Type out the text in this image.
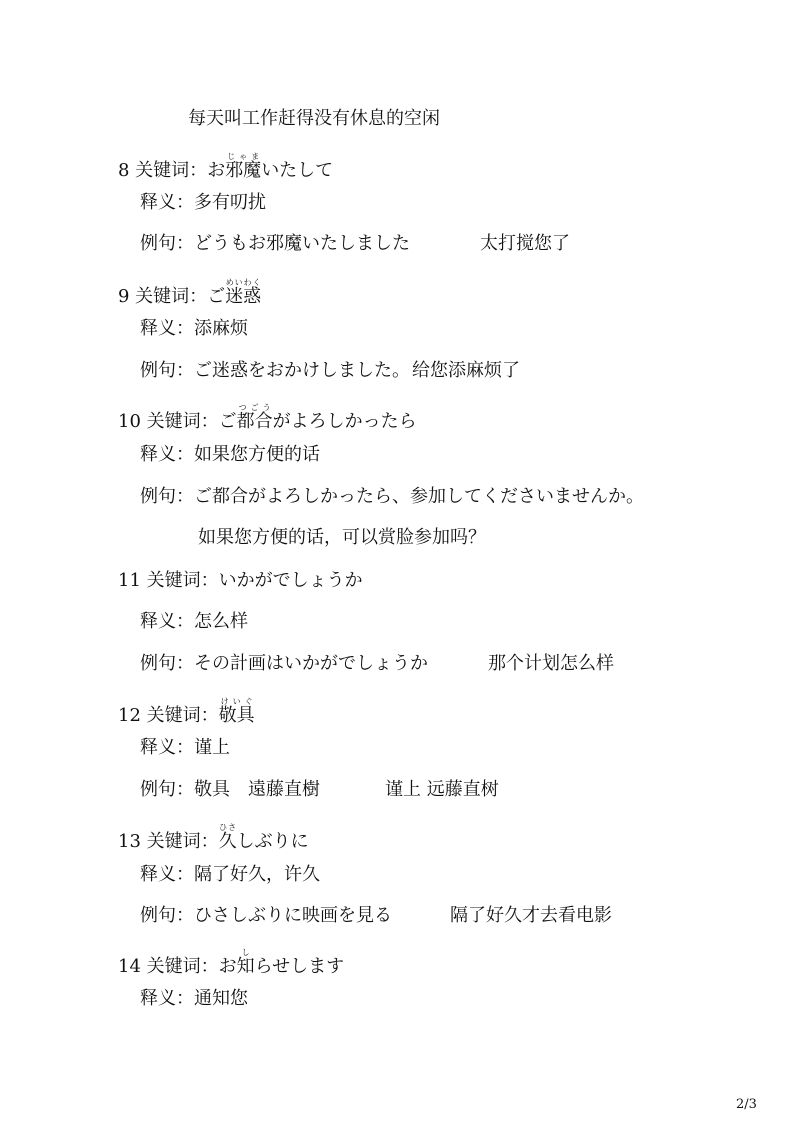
每天叫工作赶得没有休息的空闲
8 关键词：お邪魔じゃまいたして
释义：多有叨扰
例句：どうもお邪魔いたしました	太打搅您了
9 关键词：ご迷惑めいわく
释义：添麻烦
例句：ご迷惑をおかけしました。 给您添麻烦了
10 关键词：ご都合つごうがよろしかったら
释义：如果您方便的话
例句：ご都合がよろしかったら、参加してくださいませんか。
如果您方便的话，可以赏脸参加吗？
11 关键词：いかがでしょうか
释义：怎么样
例句：その計画はいかがでしょうか	那个计划怎么样
12 关键词：敬具けいぐ
释义：谨上
例句：敬具　遠藤直樹	谨上 远藤直树
13 关键词：久ひさしぶりに
释义：隔了好久，许久
例句：ひさしぶりに映画を見る	隔了好久才去看电影
14 关键词：お知しらせします
释义：通知您
2/3
